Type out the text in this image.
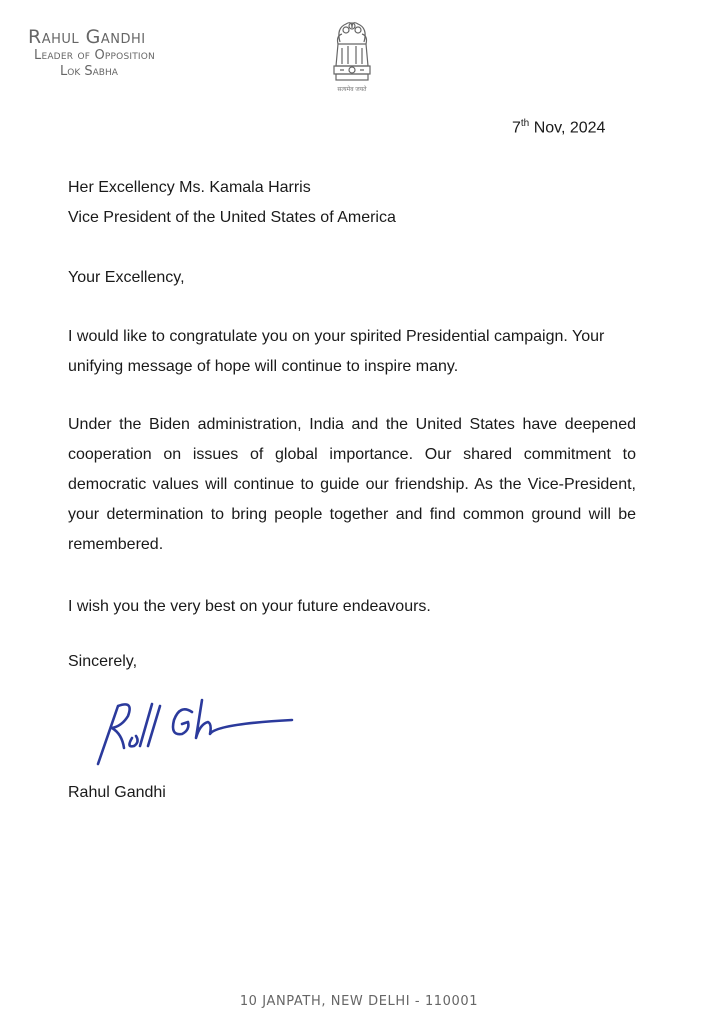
Rahul Gandhi
Leader of Opposition
Lok Sabha
सत्यमेव जयते
7th Nov, 2024
Her Excellency Ms. Kamala Harris
Vice President of the United States of America
Your Excellency,
I would like to congratulate you on your spirited Presidential campaign. Your unifying message of hope will continue to inspire many.
Under the Biden administration, India and the United States have deepened cooperation on issues of global importance. Our shared commitment to democratic values will continue to guide our friendship. As the Vice-President, your determination to bring people together and find common ground will be remembered.
I wish you the very best on your future endeavours.
Sincerely,
Rahul Gandhi
10 JANPATH, NEW DELHI - 110001
